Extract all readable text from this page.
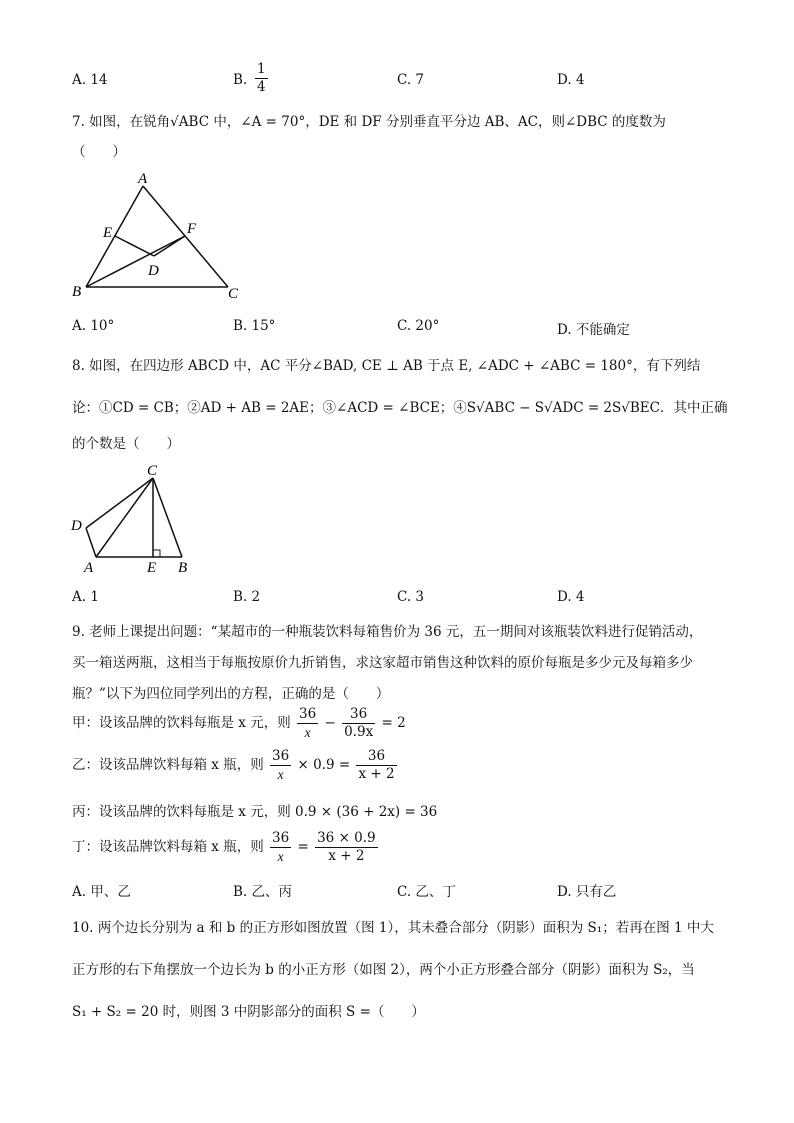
A. 14	B. $\frac{1}{4}$	C. 7	D. 4
7. 如图，在锐角√ABC 中，∠A = 70°，DE 和 DF 分别垂直平分边 AB、AC，则∠DBC 的度数为
（　　）
A
B	C
D
E	F
A. 10°	B. 15°	C. 20°	D. 不能确定
8. 如图，在四边形 ABCD 中，AC 平分∠BAD, CE ⊥ AB 于点 E, ∠ADC + ∠ABC = 180°，有下列结
论：①CD = CB；②AD + AB = 2AE；③∠ACD = ∠BCE；④S√ABC − S√ADC = 2S√BEC．其中正确
的个数是（　　）
C
D
A	E B
A. 1	B. 2	C. 3	D. 4
9. 老师上课提出问题：“某超市的一种瓶装饮料每箱售价为 36 元，五一期间对该瓶装饮料进行促销活动，
买一箱送两瓶，这相当于每瓶按原价九折销售，求这家超市销售这种饮料的原价每瓶是多少元及每箱多少
瓶？”以下为四位同学列出的方程，正确的是（　　）
甲：设该品牌的饮料每瓶是 x 元，则 $\frac{36}{x} - \frac{36}{0.9x} = 2$
乙：设该品牌饮料每箱 x 瓶，则 $\frac{36}{x} \times 0.9 = \frac{36}{x + 2}$
丙：设该品牌的饮料每瓶是 x 元，则 0.9 × (36 + 2x) = 36
丁：设该品牌饮料每箱 x 瓶，则 $\frac{36}{x} = \frac{36 \times 0.9}{x + 2}$
A. 甲、乙	B. 乙、丙	C. 乙、丁	D. 只有乙
10. 两个边长分别为 a 和 b 的正方形如图放置（图 1），其未叠合部分（阴影）面积为 S₁；若再在图 1 中大
正方形的右下角摆放一个边长为 b 的小正方形（如图 2），两个小正方形叠合部分（阴影）面积为 S₂，当
S₁ + S₂ = 20 时，则图 3 中阴影部分的面积 S =（　　）
